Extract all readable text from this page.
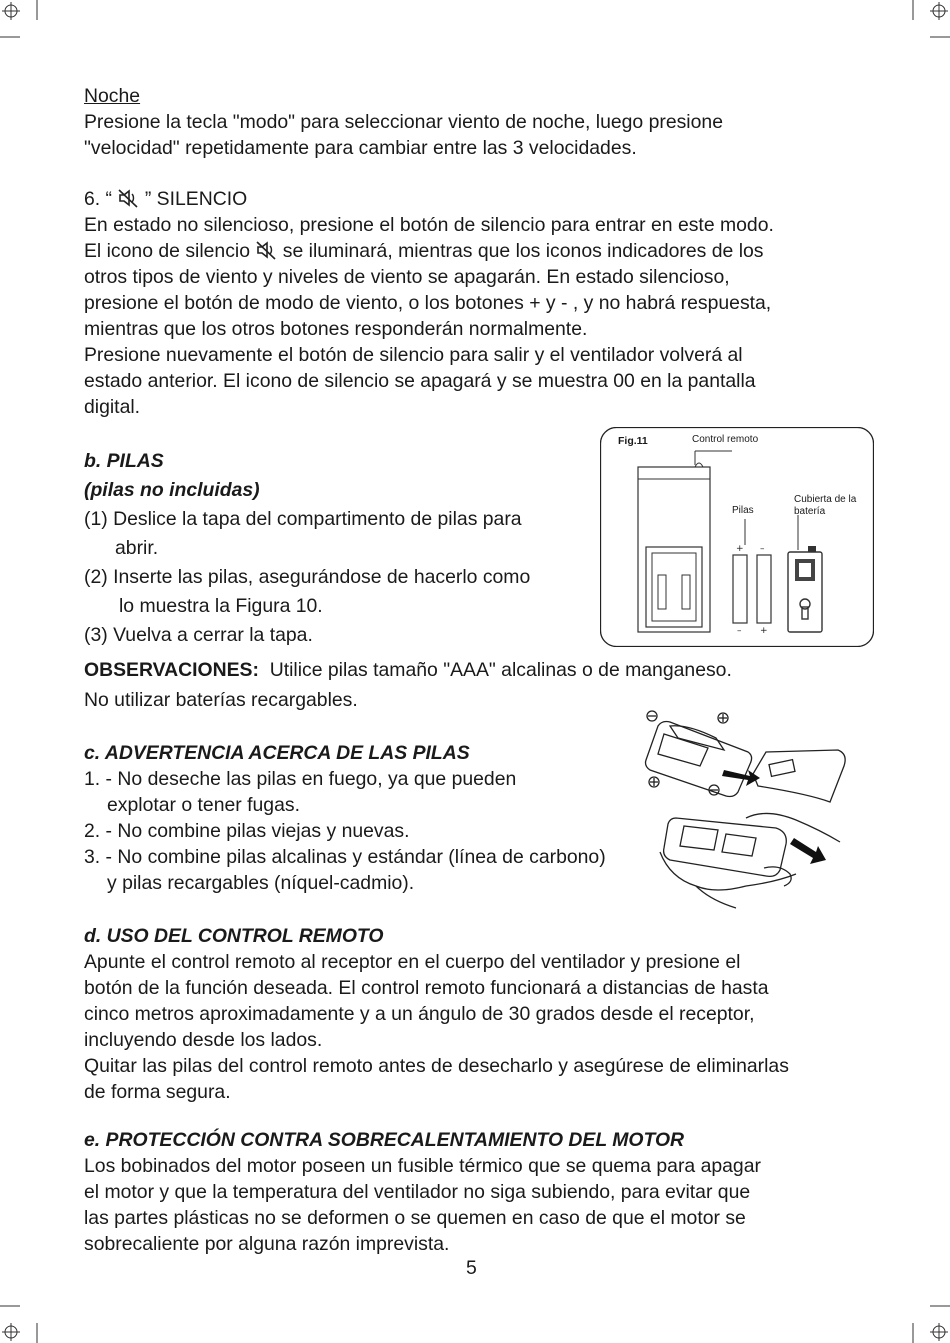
Noche
Presione la tecla "modo" para seleccionar viento de noche, luego presione
"velocidad" repetidamente para cambiar entre las 3 velocidades.
6. “ ” SILENCIO
En estado no silencioso, presione el botón de silencio para entrar en este modo.
El icono de silencio se iluminará, mientras que los iconos indicadores de los
otros tipos de viento y niveles de viento se apagarán. En estado silencioso,
presione el botón de modo de viento, o los botones + y - , y no habrá respuesta,
mientras que los otros botones responderán normalmente.
Presione nuevamente el botón de silencio para salir y el ventilador volverá al
estado anterior. El icono de silencio se apagará y se muestra 00 en la pantalla
digital.
b. PILAS
(pilas no incluidas)
(1) Deslice la tapa del compartimento de pilas para
abrir.
(2) Inserte las pilas, asegurándose de hacerlo como
lo muestra la Figura 10.
(3) Vuelva a cerrar la tapa.
OBSERVACIONES: Utilice pilas tamaño "AAA" alcalinas o de manganeso.
No utilizar baterías recargables.
+ –
– +
Fig.11	Control remoto
Pilas
Cubierta de la
batería
c. ADVERTENCIA ACERCA DE LAS PILAS
1. - No deseche las pilas en fuego, ya que pueden
explotar o tener fugas.
2. - No combine pilas viejas y nuevas.
3. - No combine pilas alcalinas y estándar (línea de carbono)
y pilas recargables (níquel-cadmio).
d. USO DEL CONTROL REMOTO
Apunte el control remoto al receptor en el cuerpo del ventilador y presione el
botón de la función deseada. El control remoto funcionará a distancias de hasta
cinco metros aproximadamente y a un ángulo de 30 grados desde el receptor,
incluyendo desde los lados.
Quitar las pilas del control remoto antes de desecharlo y asegúrese de eliminarlas
de forma segura.
e. PROTECCIÓN CONTRA SOBRECALENTAMIENTO DEL MOTOR
Los bobinados del motor poseen un fusible térmico que se quema para apagar
el motor y que la temperatura del ventilador no siga subiendo, para evitar que
las partes plásticas no se deformen o se quemen en caso de que el motor se
sobrecaliente por alguna razón imprevista.
5
